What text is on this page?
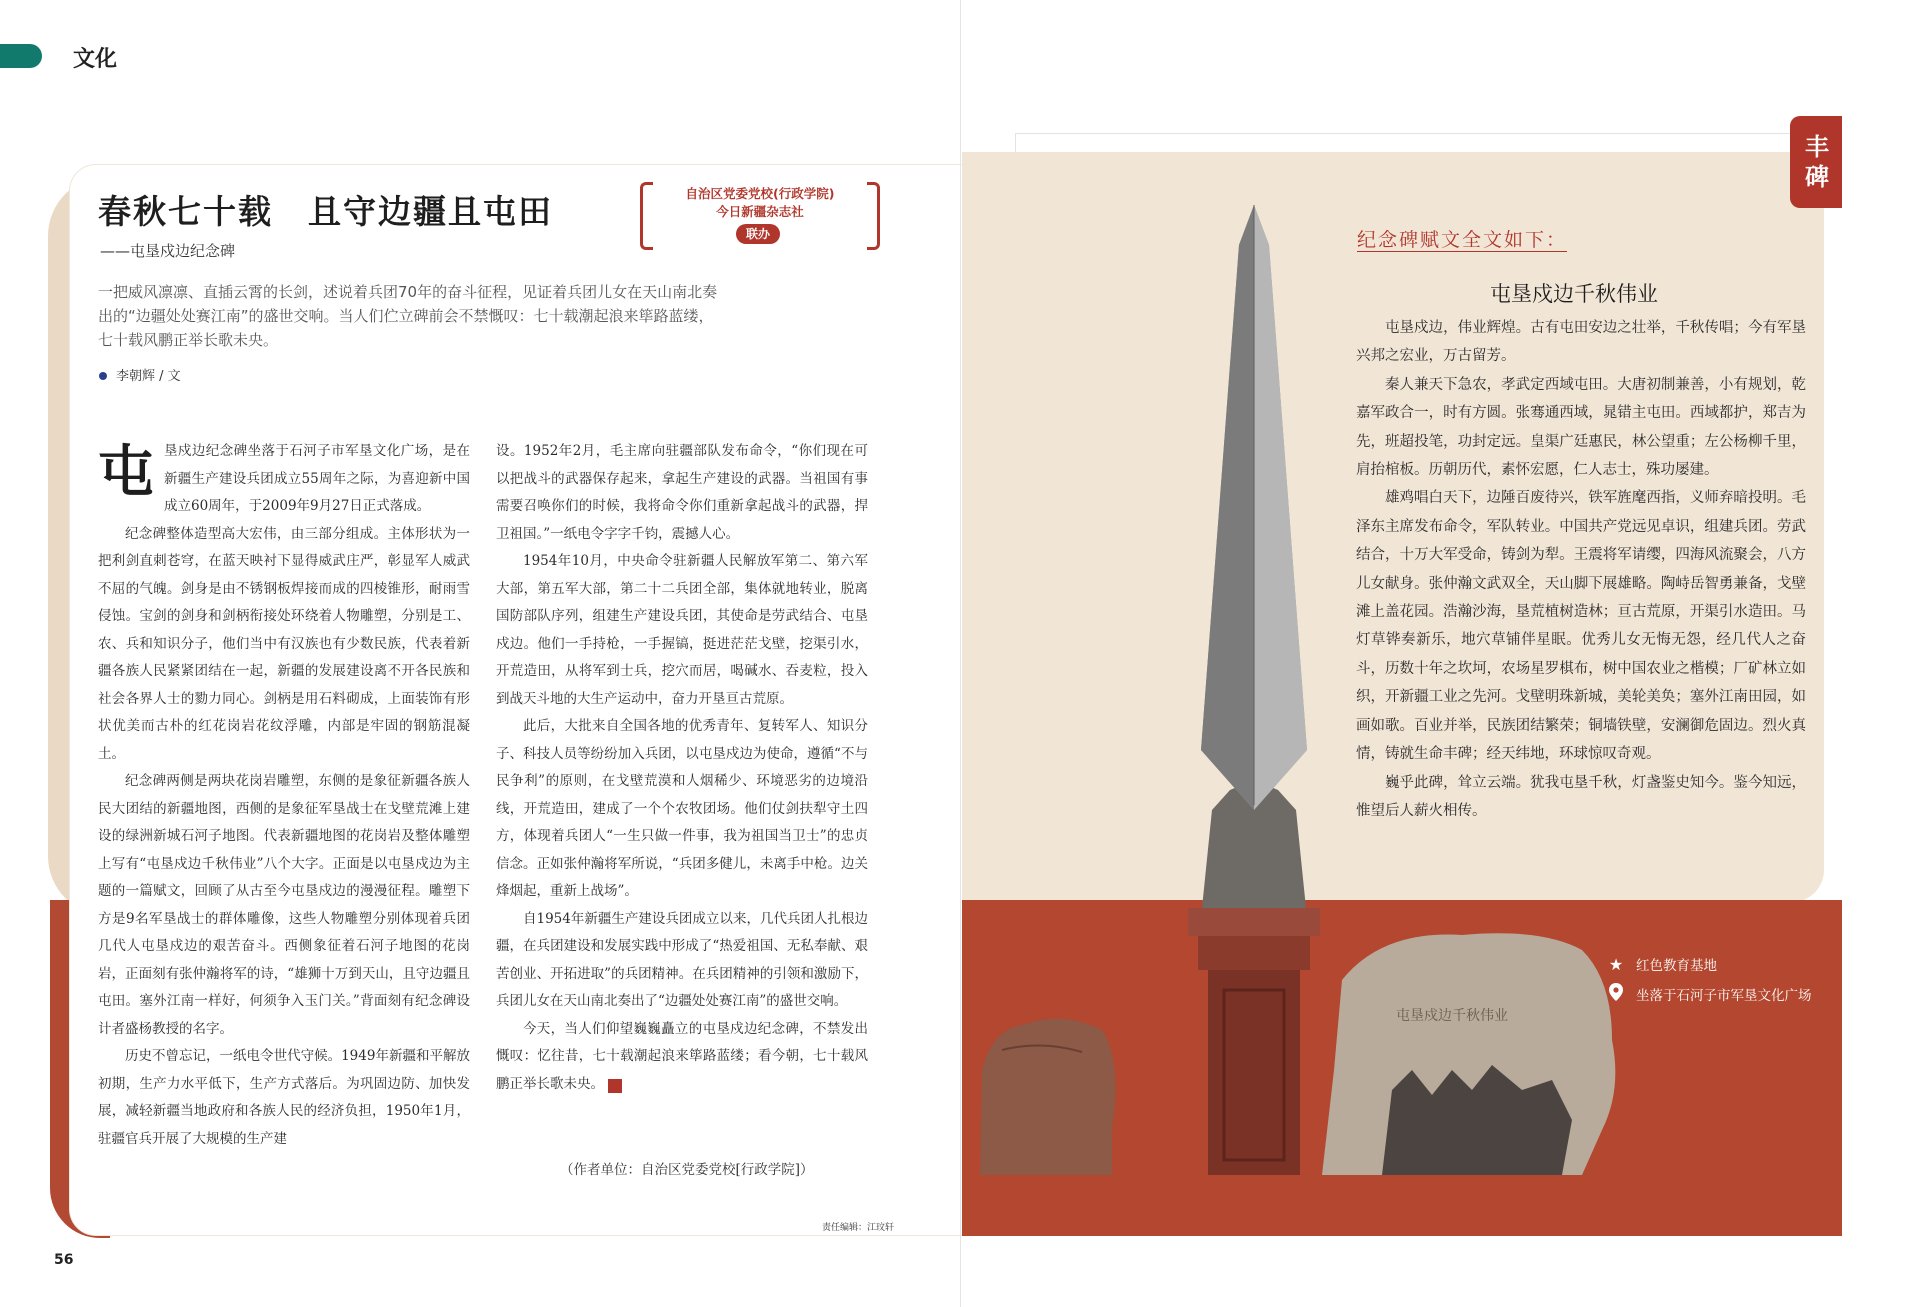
文化
春秋七十载　且守边疆且屯田
——屯垦戍边纪念碑
自治区党委党校(行政学院)
今日新疆杂志社
联办
一把威风凛凛、直插云霄的长剑，述说着兵团70年的奋斗征程，见证着兵团儿女在天山南北奏出的“边疆处处赛江南”的盛世交响。当人们伫立碑前会不禁慨叹：七十载潮起浪来筚路蓝缕，七十载风鹏正举长歌未央。
李朝辉 / 文

屯垦戍边纪念碑坐落于石河子市军垦文化广场，是在新疆生产建设兵团成立55周年之际，为喜迎新中国成立60周年，于2009年9月27日正式落成。

纪念碑整体造型高大宏伟，由三部分组成。主体形状为一把利剑直刺苍穹，在蓝天映衬下显得威武庄严，彰显军人威武不屈的气魄。剑身是由不锈钢板焊接而成的四棱锥形，耐雨雪侵蚀。宝剑的剑身和剑柄衔接处环绕着人物雕塑，分别是工、农、兵和知识分子，他们当中有汉族也有少数民族，代表着新疆各族人民紧紧团结在一起，新疆的发展建设离不开各民族和社会各界人士的勠力同心。剑柄是用石料砌成，上面装饰有形状优美而古朴的红花岗岩花纹浮雕，内部是牢固的钢筋混凝土。

纪念碑两侧是两块花岗岩雕塑，东侧的是象征新疆各族人民大团结的新疆地图，西侧的是象征军垦战士在戈壁荒滩上建设的绿洲新城石河子地图。代表新疆地图的花岗岩及整体雕塑上写有“屯垦戍边千秋伟业”八个大字。正面是以屯垦戍边为主题的一篇赋文，回顾了从古至今屯垦戍边的漫漫征程。雕塑下方是9名军垦战士的群体雕像，这些人物雕塑分别体现着兵团几代人屯垦戍边的艰苦奋斗。西侧象征着石河子地图的花岗岩，正面刻有张仲瀚将军的诗，“雄狮十万到天山，且守边疆且屯田。塞外江南一样好，何须争入玉门关。”背面刻有纪念碑设计者盛杨教授的名字。

历史不曾忘记，一纸电令世代守候。1949年新疆和平解放初期，生产力水平低下，生产方式落后。为巩固边防、加快发展，减轻新疆当地政府和各族人民的经济负担，1950年1月，驻疆官兵开展了大规模的生产建

设。1952年2月，毛主席向驻疆部队发布命令，“你们现在可以把战斗的武器保存起来，拿起生产建设的武器。当祖国有事需要召唤你们的时候，我将命令你们重新拿起战斗的武器，捍卫祖国。”一纸电令字字千钧，震撼人心。

1954年10月，中央命令驻新疆人民解放军第二、第六军大部，第五军大部，第二十二兵团全部，集体就地转业，脱离国防部队序列，组建生产建设兵团，其使命是劳武结合、屯垦戍边。他们一手持枪，一手握镐，挺进茫茫戈壁，挖渠引水，开荒造田，从将军到士兵，挖穴而居，喝碱水、吞麦粒，投入到战天斗地的大生产运动中，奋力开垦亘古荒原。

此后，大批来自全国各地的优秀青年、复转军人、知识分子、科技人员等纷纷加入兵团，以屯垦戍边为使命，遵循“不与民争利”的原则，在戈壁荒漠和人烟稀少、环境恶劣的边境沿线，开荒造田，建成了一个个农牧团场。他们仗剑扶犁守土四方，体现着兵团人“一生只做一件事，我为祖国当卫士”的忠贞信念。正如张仲瀚将军所说，“兵团多健儿，未离手中枪。边关烽烟起，重新上战场”。

自1954年新疆生产建设兵团成立以来，几代兵团人扎根边疆，在兵团建设和发展实践中形成了“热爱祖国、无私奉献、艰苦创业、开拓进取”的兵团精神。在兵团精神的引领和激励下，兵团儿女在天山南北奏出了“边疆处处赛江南”的盛世交响。

今天，当人们仰望巍巍矗立的屯垦戍边纪念碑，不禁发出慨叹：忆往昔，七十载潮起浪来筚路蓝缕；看今朝，七十载风鹏正举长歌未央。	J

（作者单位：自治区党委党校[行政学院]）
责任编辑：江玟轩
56
屯垦戍边千秋伟业
丰碑
纪念碑赋文全文如下：
屯垦戍边千秋伟业

屯垦戍边，伟业辉煌。古有屯田安边之壮举，千秋传唱；今有军垦兴邦之宏业，万古留芳。

秦人兼天下急农，孝武定西域屯田。大唐初制兼善，小有规划，乾嘉军政合一，时有方圆。张骞通西域，晁错主屯田。西域都护，郑吉为先，班超投笔，功封定远。皇渠广廷惠民，林公望重；左公杨柳千里，肩抬棺板。历朝历代，素怀宏愿，仁人志士，殊功屡建。

雄鸡唱白天下，边陲百废待兴，铁军旌麾西指，义师弃暗投明。毛泽东主席发布命令，军队转业。中国共产党远见卓识，组建兵团。劳武结合，十万大军受命，铸剑为犁。王震将军请缨，四海风流聚会，八方儿女献身。张仲瀚文武双全，天山脚下展雄略。陶峙岳智勇兼备，戈壁滩上盖花园。浩瀚沙海，垦荒植树造林；亘古荒原，开渠引水造田。马灯草铧奏新乐，地穴草铺伴星眠。优秀儿女无悔无怨，经几代人之奋斗，历数十年之坎坷，农场星罗棋布，树中国农业之楷模；厂矿林立如织，开新疆工业之先河。戈壁明珠新城，美轮美奂；塞外江南田园，如画如歌。百业并举，民族团结繁荣；铜墙铁壁，安澜御危固边。烈火真情，铸就生命丰碑；经天纬地，环球惊叹奇观。

巍乎此碑，耸立云端。犹我屯垦千秋，灯盏鉴史知今。鉴今知远，惟望后人薪火相传。

★ 红色教育基地
坐落于石河子市军垦文化广场
